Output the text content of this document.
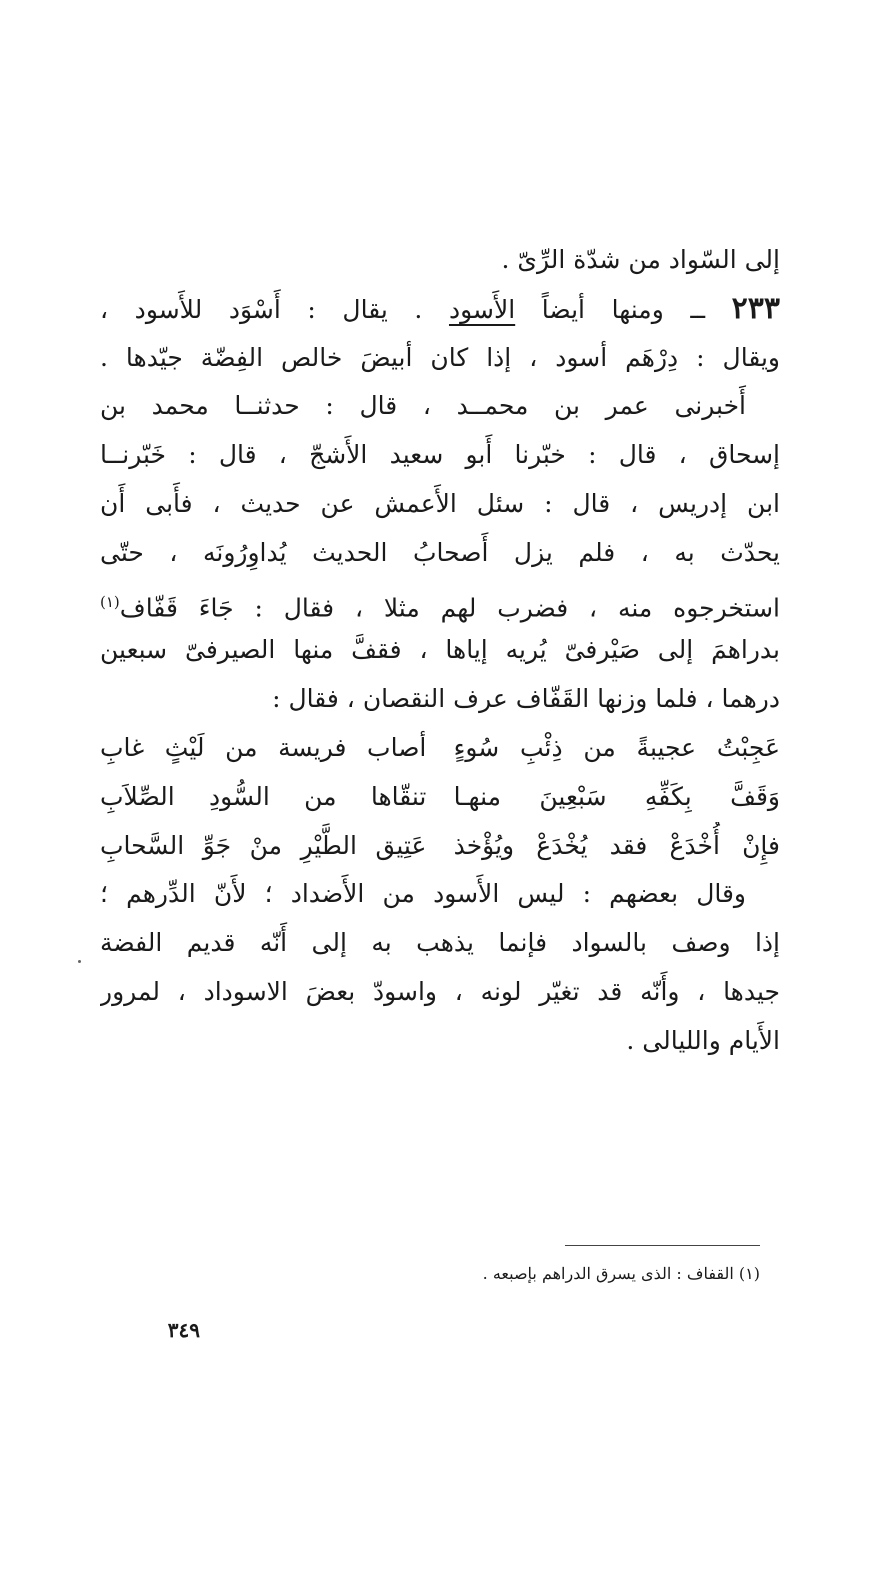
إلى السّواد من شدّة الرِّىّ .
٢٣٣ ــ ومنها أيضاً الأَسود . يقال : أَسْوَد للأَسود ،
ويقال : دِرْهَم أسود ، إذا كان أبيضَ خالص الفِضّة جيّدها .
أَخبرنى عمر بن محمــد ، قال : حدثنــا محمد بن
إسحاق ، قال : خبّرنا أَبو سعيد الأَشجّ ، قال : خَبّرنــا
ابن إدريس ، قال : سئل الأَعمش عن حديث ، فأَبى أَن
يحدّث به ، فلم يزل أَصحابُ الحديث يُداوِرُونَه ، حتّى
استخرجوه منه ، فضرب لهم مثلا ، فقال : جَاءَ قَفّاف$^{(١)}$
بدراهمَ إلى صَيْرفىّ يُريه إياها ، فقفَّ منها الصيرفىّ سبعين
درهما ، فلما وزنها القَفّاف عرف النقصان ، فقال :
عَجِبْتُ عجيبةً من ذِئْبِ سُوءٍ
أصاب فريسة من لَيْثٍ غابِ
وَقَفَّ بِكَفِّهِ سَبْعِينَ منهـا
تنقّاها من السُّودِ الصِّلاَبِ
فإِنْ أُخْدَعْ فقد يُخْدَعْ ويُؤْخذ
عَتِيق الطَّيْرِ منْ جَوِّ السَّحابِ
وقال بعضهم : ليس الأَسود من الأَضداد ؛ لأَنّ الدِّرهم ؛
إذا وصف بالسواد فإنما يذهب به إلى أَنّه قديم الفضة
جيدها ، وأَنّه قد تغيّر لونه ، واسودّ بعضَ الاسوداد ، لمرور
الأَيام والليالى .
(١) القفاف : الذى يسرق الدراهم بإصبعه .
٣٤٩
